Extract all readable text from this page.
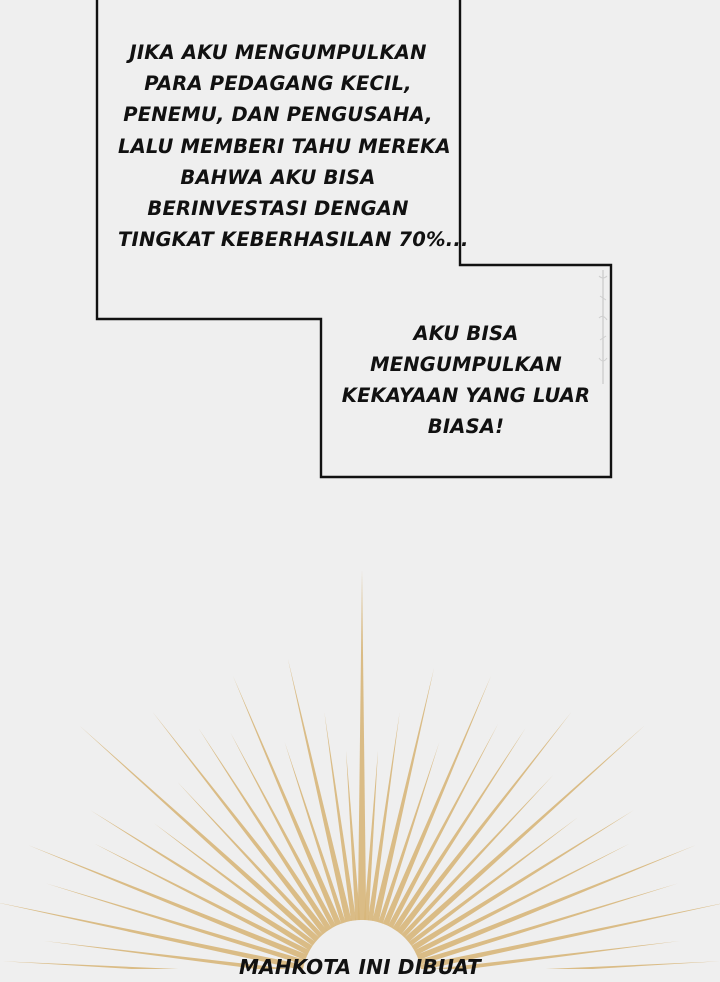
JIKA AKU MENGUMPULKAN
PARA PEDAGANG KECIL,
PENEMU, DAN PENGUSAHA,
LALU MEMBERI TAHU MEREKA
BAHWA AKU BISA
BERINVESTASI DENGAN
TINGKAT KEBERHASILAN 70%...

AKU BISA
MENGUMPULKAN
KEKAYAAN YANG LUAR
BIASA!

MAHKOTA INI DIBUAT
